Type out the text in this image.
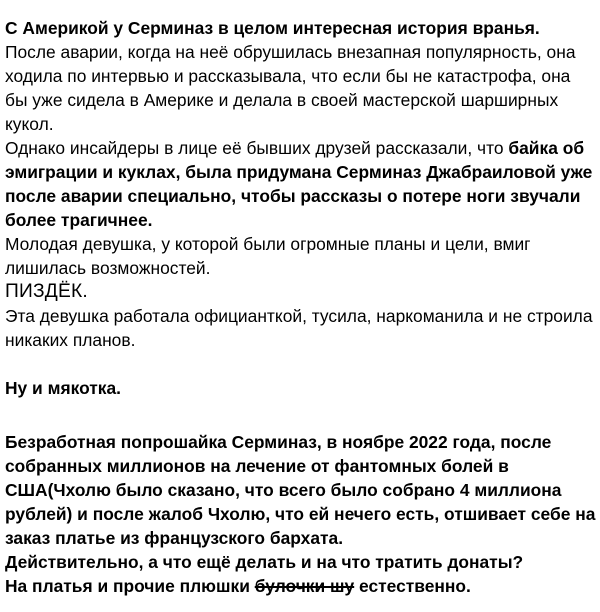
С Америкой у Серминаз в целом интересная история вранья.
После аварии, когда на неё обрушилась внезапная популярность, она
ходила по интервью и рассказывала, что если бы не катастрофа, она
бы уже сидела в Америке и делала в своей мастерской шарширных
кукол.
Однако инсайдеры в лице её бывших друзей рассказали, что байка об
эмиграции и куклах, была придумана Серминаз Джабраиловой уже
после аварии специально, чтобы рассказы о потере ноги звучали
более трагичнее.
Молодая девушка, у которой были огромные планы и цели, вмиг
лишилась возможностей.
ПИЗДЁК.
Эта девушка работала официанткой, тусила, наркоманила и не строила
никаких планов.
Ну и мякотка.
Безработная попрошайка Серминаз, в ноябре 2022 года, после
собранных миллионов на лечение от фантомных болей в
США(Чхолю было сказано, что всего было собрано 4 миллиона
рублей) и после жалоб Чхолю, что ей нечего есть, отшивает себе на
заказ платье из французского бархата.
Действительно, а что ещё делать и на что тратить донаты?
На платья и прочие плюшки булочки шу естественно.
